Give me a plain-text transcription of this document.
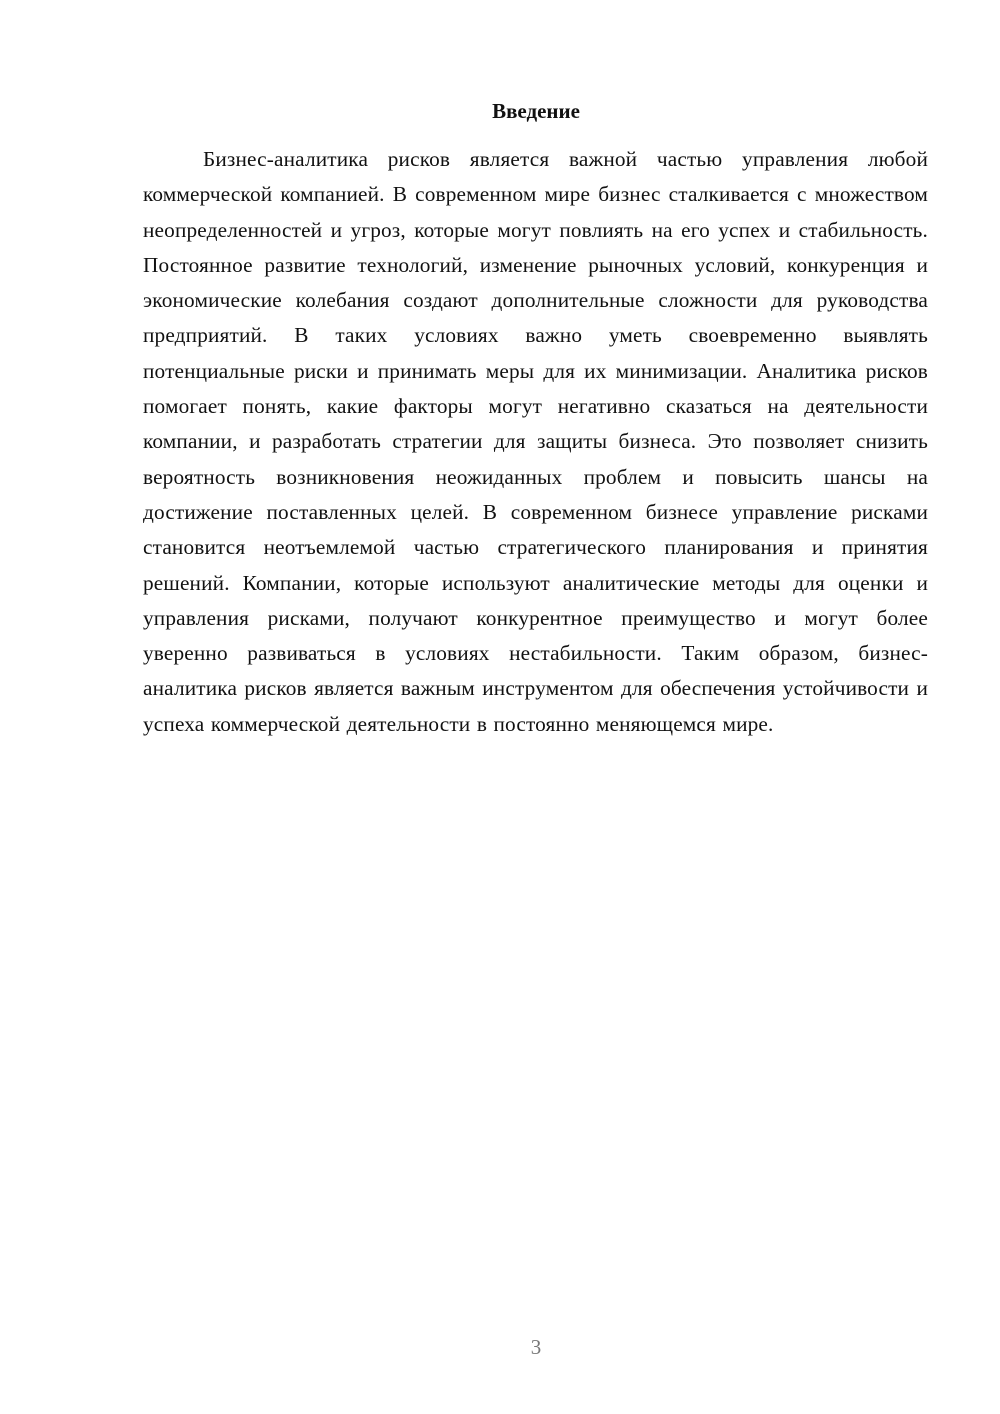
Введение

Бизнес-аналитика рисков является важной частью управления любой коммерческой компанией. В современном мире бизнес сталкивается с множеством неопределенностей и угроз, которые могут повлиять на его успех и стабильность. Постоянное развитие технологий, изменение рыночных условий, конкуренция и экономические колебания создают дополнительные сложности для руководства предприятий. В таких условиях важно уметь своевременно выявлять потенциальные риски и принимать меры для их минимизации. Аналитика рисков помогает понять, какие факторы могут негативно сказаться на деятельности компании, и разработать стратегии для защиты бизнеса. Это позволяет снизить вероятность возникновения неожиданных проблем и повысить шансы на достижение поставленных целей. В современном бизнесе управление рисками становится неотъемлемой частью стратегического планирования и принятия решений. Компании, которые используют аналитические методы для оценки и управления рисками, получают конкурентное преимущество и могут более уверенно развиваться в условиях нестабильности. Таким образом, бизнес-аналитика рисков является важным инструментом для обеспечения устойчивости и успеха коммерческой деятельности в постоянно меняющемся мире.

3
